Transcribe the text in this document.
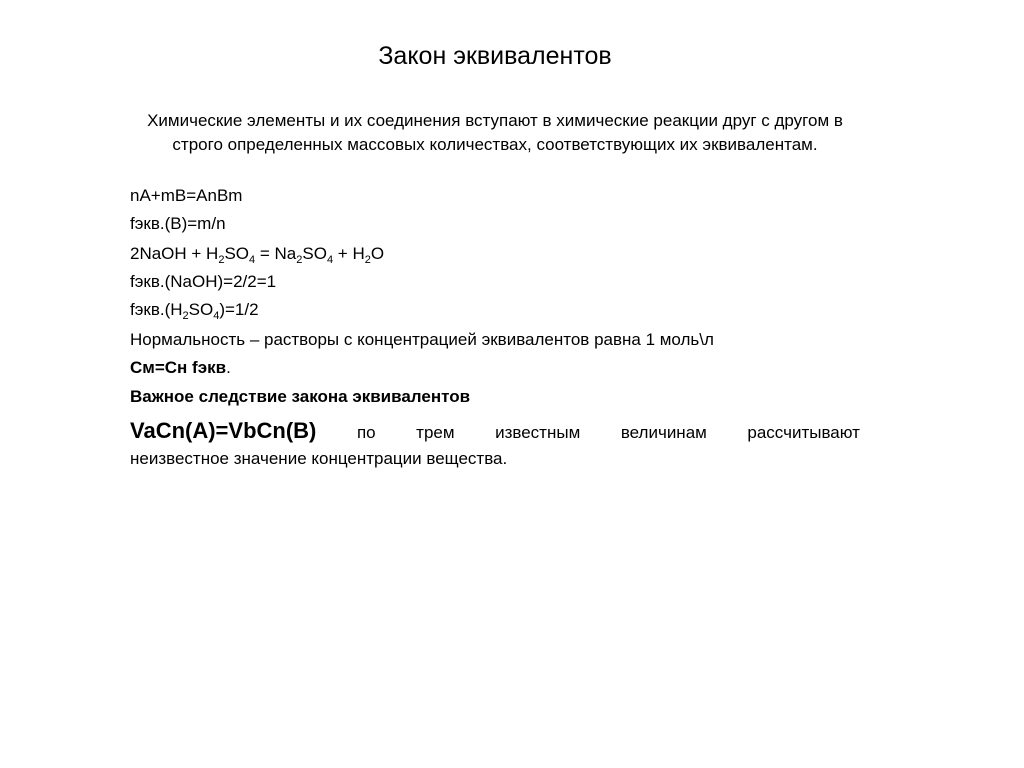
Закон эквивалентов
Химические элементы и их соединения вступают в химические реакции друг с другом в строго определенных массовых количествах, соответствующих их эквивалентам.
nA+mB=AnBm
fэкв.(В)=m/n
2NaOH + $H_2SO_4 = Na_2SO_4 + H_2O$
fэкв.(NaOH)=2/2=1
$fэкв.(H_2SO_4)=1/2$
Нормальность – растворы с концентрацией эквивалентов равна 1 моль\л
См=Сн fэкв.
Важное следствие закона эквивалентов
VaCn(A)=VbCn(B) по трем известным величинам рассчитывают
неизвестное значение концентрации вещества.
